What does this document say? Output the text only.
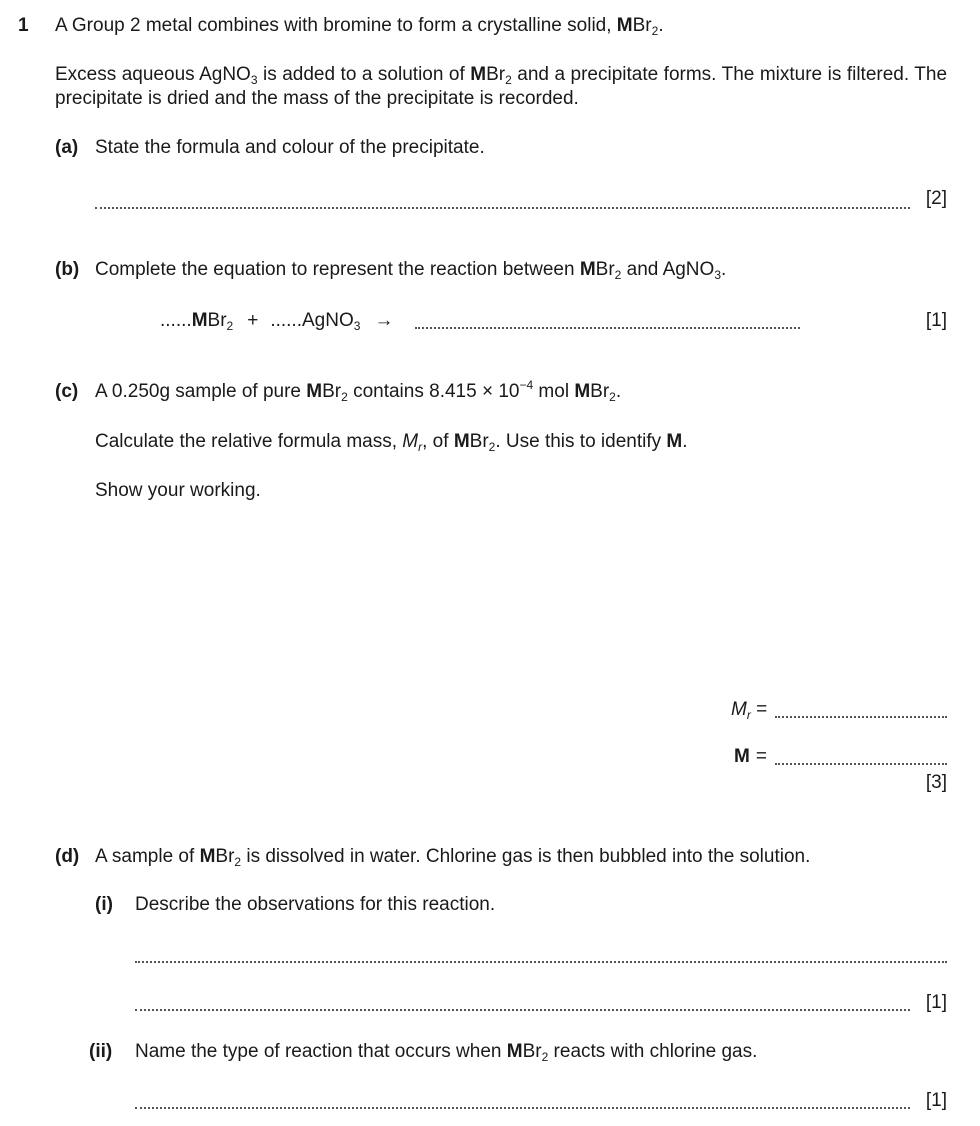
1 A Group 2 metal combines with bromine to form a crystalline solid, MBr$_2$.
Excess aqueous AgNO$_3$ is added to a solution of MBr$_2$ and a precipitate forms. The mixture is filtered. The precipitate is dried and the mass of the precipitate is recorded.
(a) State the formula and colour of the precipitate.
[2]
(b) Complete the equation to represent the reaction between MBr$_2$ and AgNO$_3$.
......MBr$_2$ + ......AgNO$_3$ →	[1]
(c) A 0.250g sample of pure MBr$_2$ contains $8.415 \times 10^{-4}$ mol MBr$_2$.
Calculate the relative formula mass, $M_r$, of MBr$_2$. Use this to identify M.
Show your working.
$M_r$ =
M =
[3]
(d) A sample of MBr$_2$ is dissolved in water. Chlorine gas is then bubbled into the solution.
(i) Describe the observations for this reaction.
[1]
(ii) Name the type of reaction that occurs when MBr$_2$ reacts with chlorine gas.
[1]
